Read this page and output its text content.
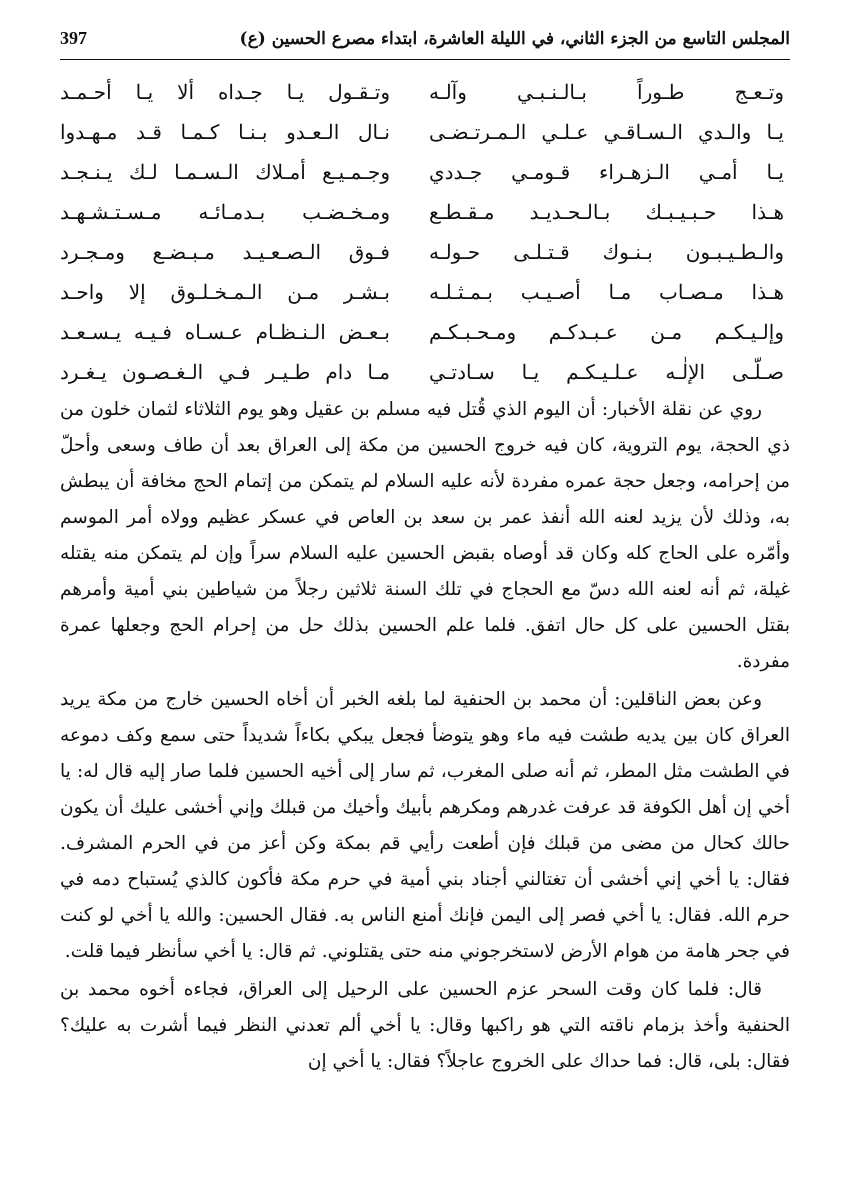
المجلس التاسع من الجزء الثاني، في الليلة العاشرة، ابتداء مصرع الحسين (ع)
397
وتـعـج طـوراً بـالـنـبـي وآلـه
وتـقـول يـا جـداه ألا يـا أحـمـد
يـا والـدي الـسـاقـي عـلـي الـمـرتـضـى
نـال الـعـدو بـنـا كـمـا قـد مـهـدوا
يـا أمـي الـزهـراء قـومـي جـددي
وجـمـيـع أمـلاك الـسـمـا لـك يـنـجـد
هـذا حـبـيـبـك بـالـحـديـد مـقـطـع
ومـخـضـب بـدمـائـه مـسـتـشـهـد
والـطـيـبـون بـنـوك قـتـلـى حـولـه
فـوق الـصـعـيـد مـبـضـع ومـجـرد
هـذا مـصـاب مـا أصـيـب بـمـثـلـه
بـشـر مـن الـمـخـلـوق إلا واحـد
وإلـيـكـم مـن عـبـدكـم ومـحـبـكـم
بـعـض الـنـظـام عـسـاه فـيـه يـسـعـد
صـلّـى الإلٰـه عـلـيـكـم يـا سـادتـي
مـا دام طـيـر فـي الـغـصـون يـغـرد

روي عن نقلة الأخبار: أن اليوم الذي قُتل فيه مسلم بن عقيل وهو يوم الثلاثاء لثمان خلون من ذي الحجة، يوم التروية، كان فيه خروج الحسين من مكة إلى العراق بعد أن طاف وسعى وأحلّ من إحرامه، وجعل حجة عمره مفردة لأنه عليه السلام لم يتمكن من إتمام الحج مخافة أن يبطش به، وذلك لأن يزيد لعنه الله أنفذ عمر بن سعد بن العاص في عسكر عظيم وولاه أمر الموسم وأمّره على الحاج كله وكان قد أوصاه بقبض الحسين عليه السلام سراً وإن لم يتمكن منه يقتله غيلة، ثم أنه لعنه الله دسّ مع الحجاج في تلك السنة ثلاثين رجلاً من شياطين بني أمية وأمرهم بقتل الحسين على كل حال اتفق. فلما علم الحسين بذلك حل من إحرام الحج وجعلها عمرة مفردة.

وعن بعض الناقلين: أن محمد بن الحنفية لما بلغه الخبر أن أخاه الحسين خارج من مكة يريد العراق كان بين يديه طشت فيه ماء وهو يتوضأ فجعل يبكي بكاءاً شديداً حتى سمع وكف دموعه في الطشت مثل المطر، ثم أنه صلى المغرب، ثم سار إلى أخيه الحسين فلما صار إليه قال له: يا أخي إن أهل الكوفة قد عرفت غدرهم ومكرهم بأبيك وأخيك من قبلك وإني أخشى عليك أن يكون حالك كحال من مضى من قبلك فإن أطعت رأيي قم بمكة وكن أعز من في الحرم المشرف. فقال: يا أخي إني أخشى أن تغتالني أجناد بني أمية في حرم مكة فأكون كالذي يُستباح دمه في حرم الله. فقال: يا أخي فصر إلى اليمن فإنك أمنع الناس به. فقال الحسين: والله يا أخي لو كنت في جحر هامة من هوام الأرض لاستخرجوني منه حتى يقتلوني. ثم قال: يا أخي سأنظر فيما قلت.

قال: فلما كان وقت السحر عزم الحسين على الرحيل إلى العراق، فجاءه أخوه محمد بن الحنفية وأخذ بزمام ناقته التي هو راكبها وقال: يا أخي ألم تعدني النظر فيما أشرت به عليك؟ فقال: بلى، قال: فما حداك على الخروج عاجلاً؟ فقال: يا أخي إن
